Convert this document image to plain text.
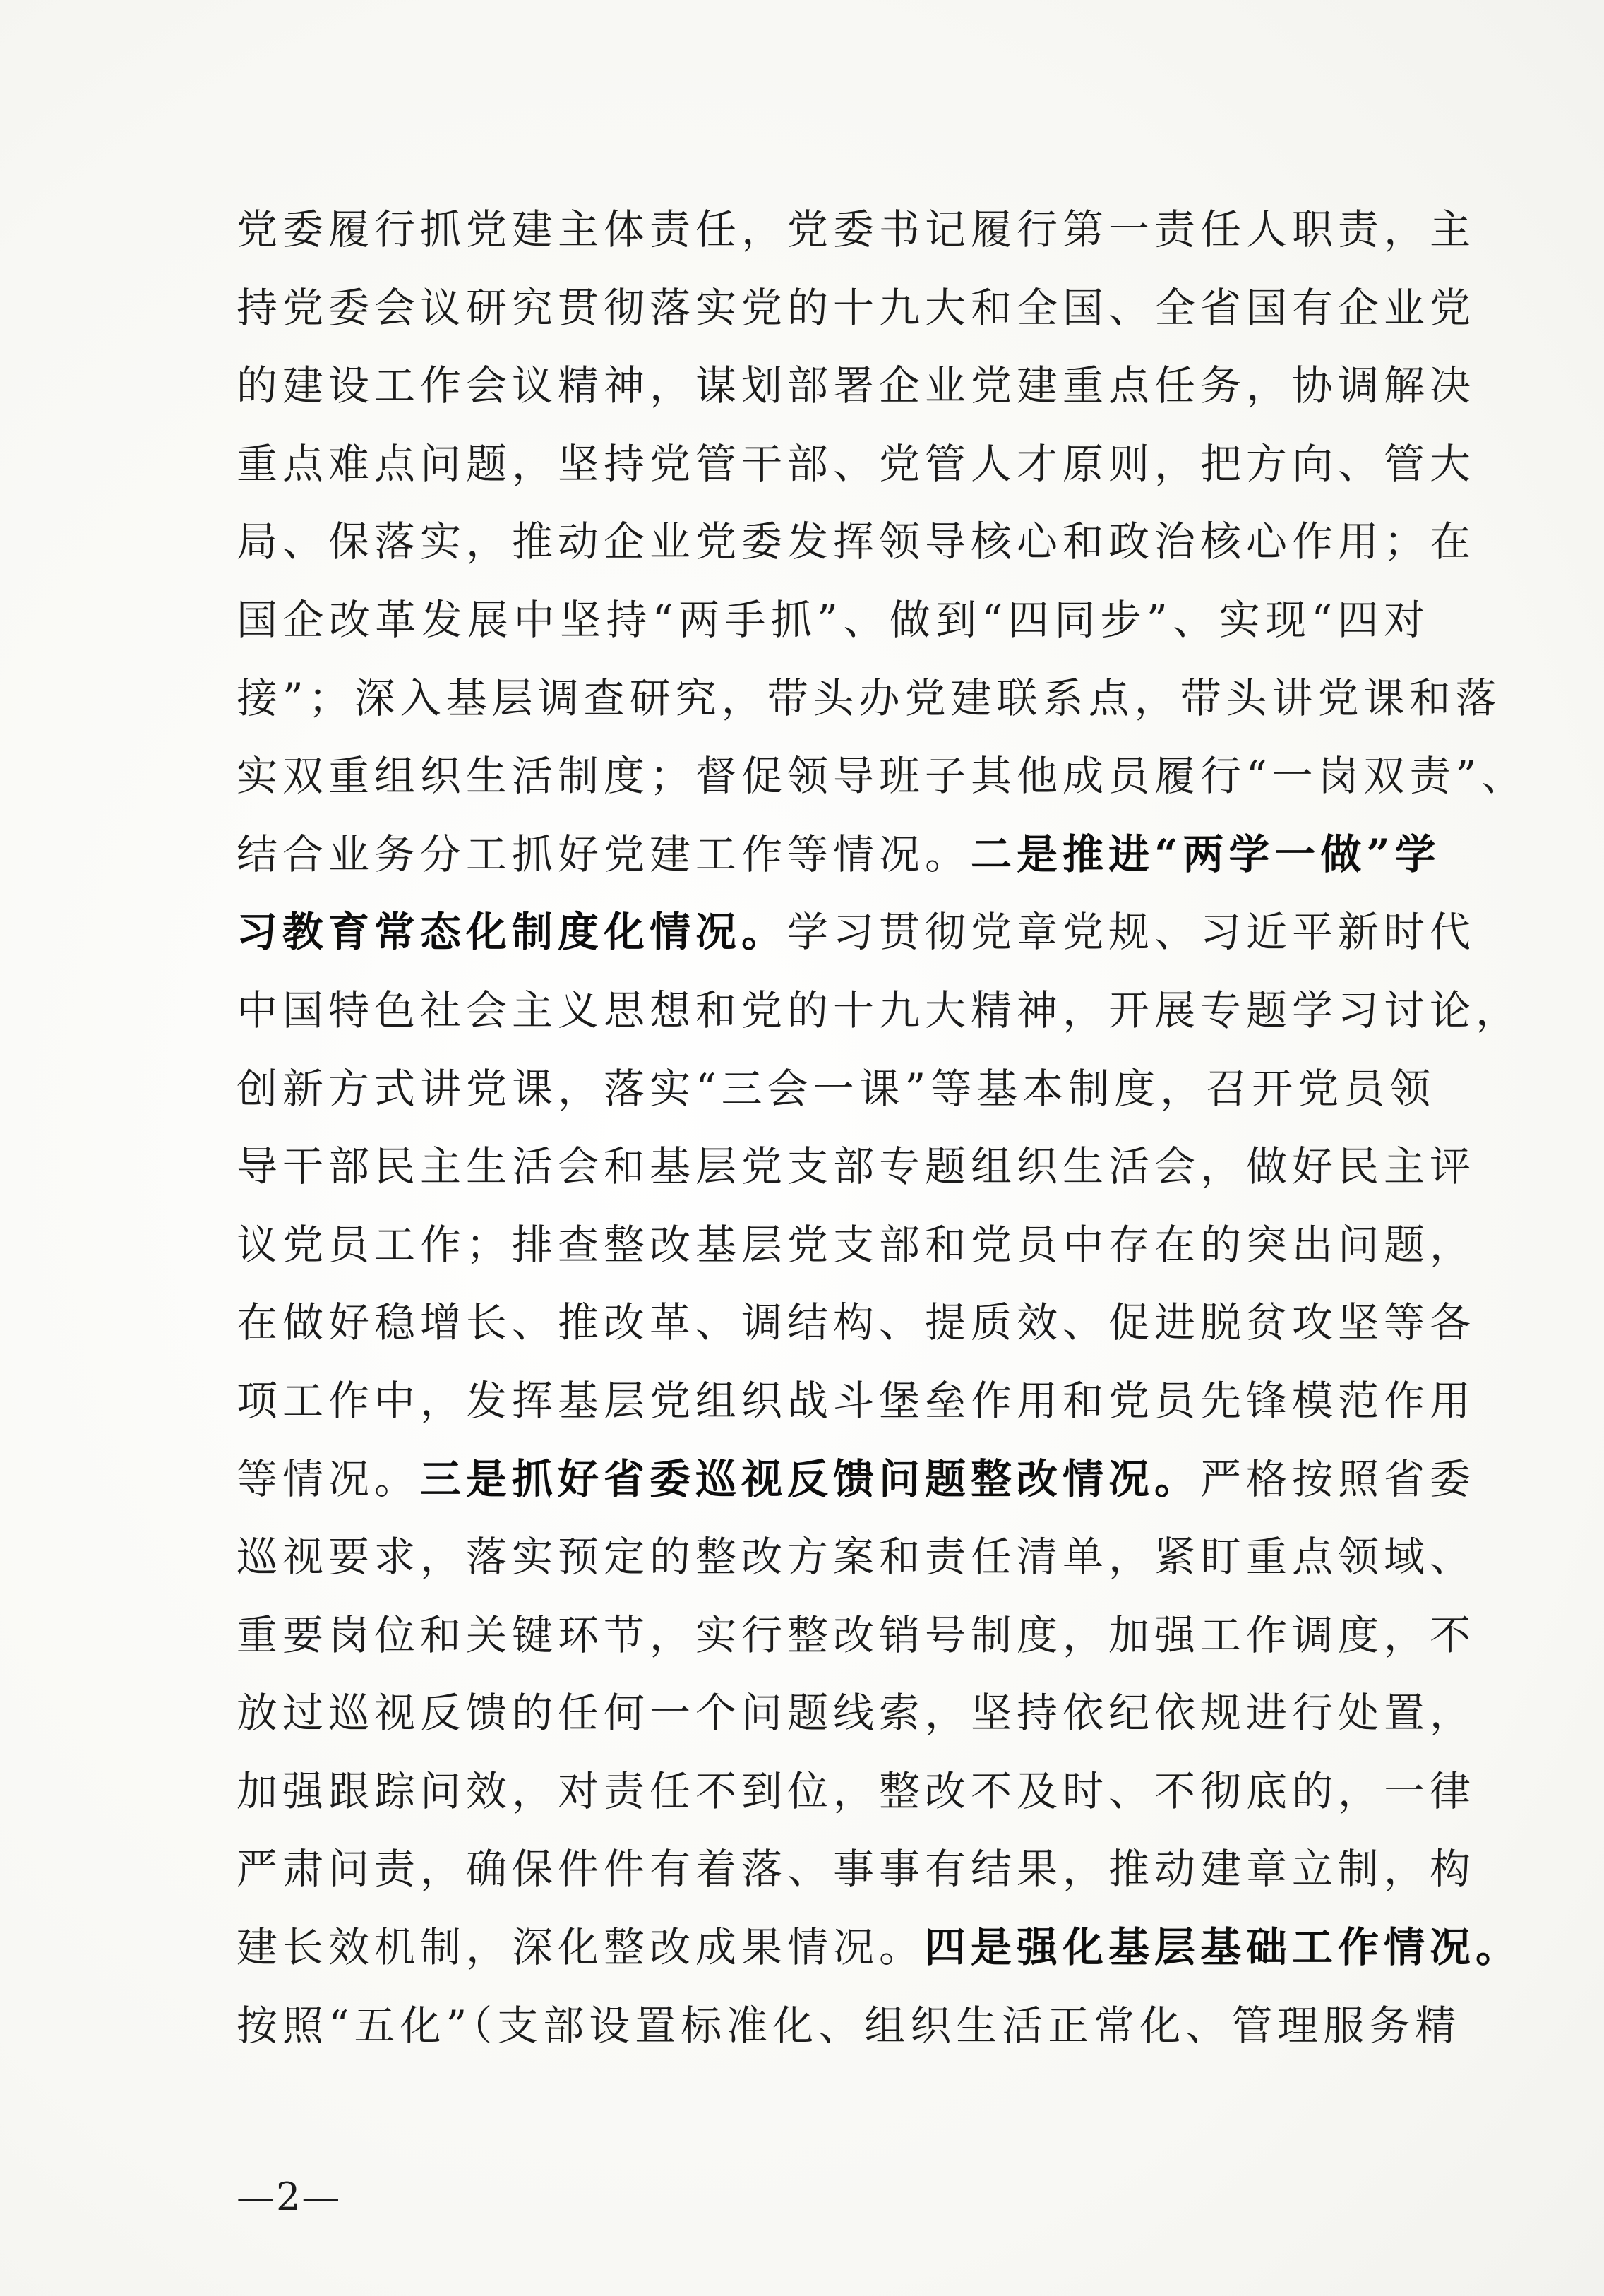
党委履行抓党建主体责任，党委书记履行第一责任人职责，主
持党委会议研究贯彻落实党的十九大和全国、全省国有企业党
的建设工作会议精神，谋划部署企业党建重点任务，协调解决
重点难点问题，坚持党管干部、党管人才原则，把方向、管大
局、保落实，推动企业党委发挥领导核心和政治核心作用；在
国企改革发展中坚持“两手抓”、做到“四同步”、实现“四对
接”；深入基层调查研究，带头办党建联系点，带头讲党课和落
实双重组织生活制度；督促领导班子其他成员履行“一岗双责”、
结合业务分工抓好党建工作等情况。二是推进“两学一做”学
习教育常态化制度化情况。学习贯彻党章党规、习近平新时代
中国特色社会主义思想和党的十九大精神，开展专题学习讨论，
创新方式讲党课，落实“三会一课”等基本制度，召开党员领
导干部民主生活会和基层党支部专题组织生活会，做好民主评
议党员工作；排查整改基层党支部和党员中存在的突出问题，
在做好稳增长、推改革、调结构、提质效、促进脱贫攻坚等各
项工作中，发挥基层党组织战斗堡垒作用和党员先锋模范作用
等情况。三是抓好省委巡视反馈问题整改情况。严格按照省委
巡视要求，落实预定的整改方案和责任清单，紧盯重点领域、
重要岗位和关键环节，实行整改销号制度，加强工作调度，不
放过巡视反馈的任何一个问题线索，坚持依纪依规进行处置，
加强跟踪问效，对责任不到位，整改不及时、不彻底的，一律
严肃问责，确保件件有着落、事事有结果，推动建章立制，构
建长效机制，深化整改成果情况。四是强化基层基础工作情况。
按照“五化”（支部设置标准化、组织生活正常化、管理服务精
—2—
